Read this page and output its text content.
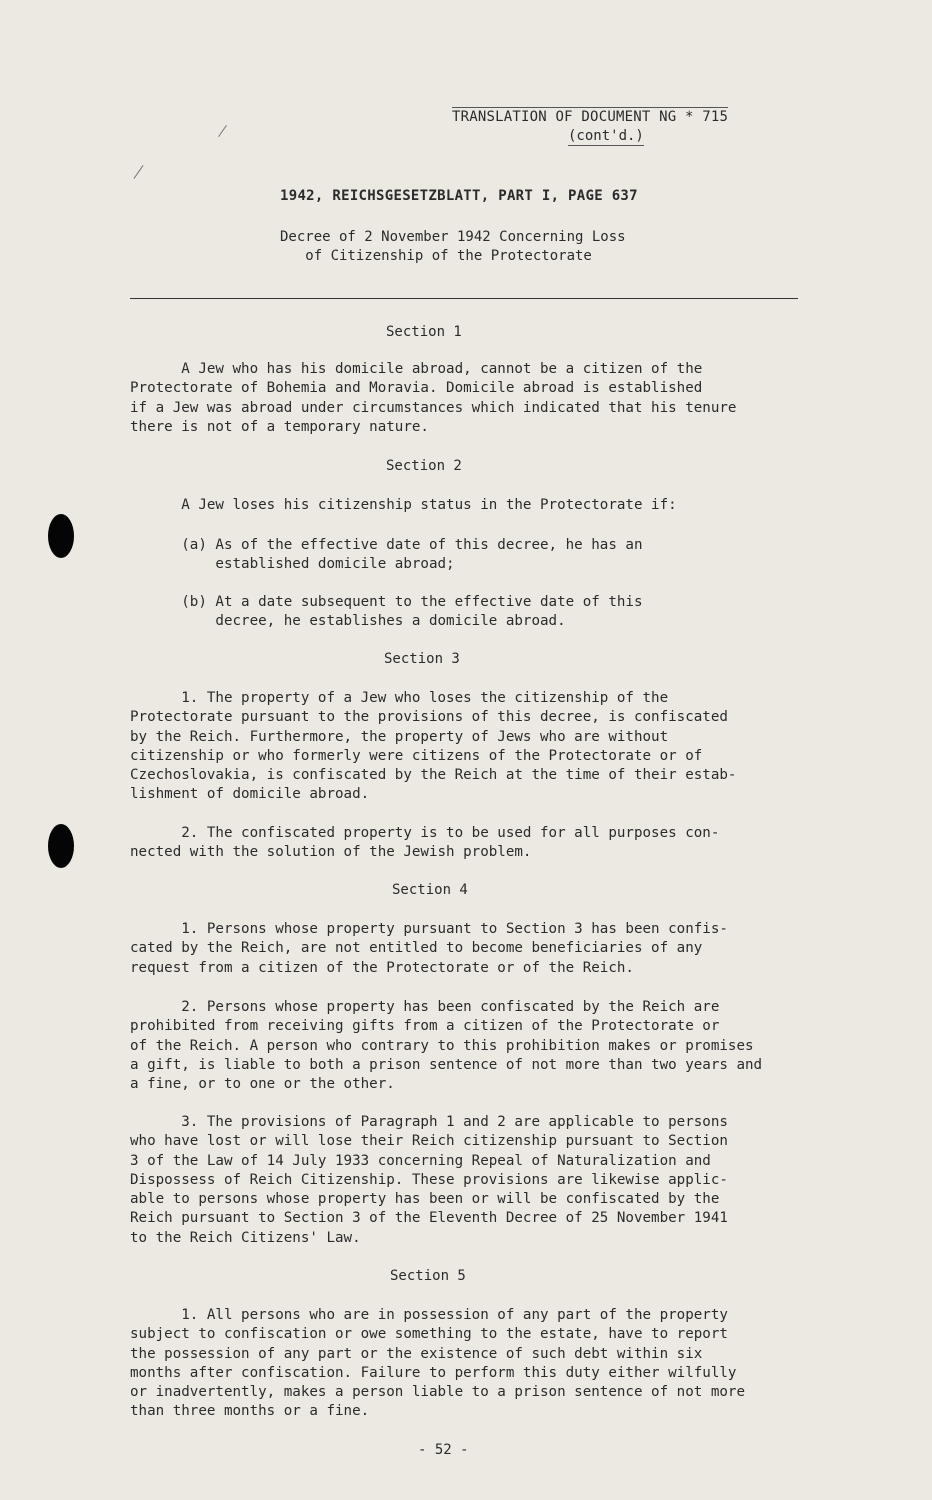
TRANSLATION OF DOCUMENT NG * 715
(cont'd.)
1942, REICHSGESETZBLATT, PART I, PAGE 637
Decree of 2 November 1942 Concerning Loss
of Citizenship of the Protectorate
Section 1
A Jew who has his domicile abroad, cannot be a citizen of the
Protectorate of Bohemia and Moravia. Domicile abroad is established
if a Jew was abroad under circumstances which indicated that his tenure
there is not of a temporary nature.
Section 2
A Jew loses his citizenship status in the Protectorate if:
(a) As of the effective date of this decree, he has an
established domicile abroad;
(b) At a date subsequent to the effective date of this
decree, he establishes a domicile abroad.
Section 3
1. The property of a Jew who loses the citizenship of the
Protectorate pursuant to the provisions of this decree, is confiscated
by the Reich. Furthermore, the property of Jews who are without
citizenship or who formerly were citizens of the Protectorate or of
Czechoslovakia, is confiscated by the Reich at the time of their estab-
lishment of domicile abroad.
2. The confiscated property is to be used for all purposes con-
nected with the solution of the Jewish problem.
Section 4
1. Persons whose property pursuant to Section 3 has been confis-
cated by the Reich, are not entitled to become beneficiaries of any
request from a citizen of the Protectorate or of the Reich.
2. Persons whose property has been confiscated by the Reich are
prohibited from receiving gifts from a citizen of the Protectorate or
of the Reich. A person who contrary to this prohibition makes or promises
a gift, is liable to both a prison sentence of not more than two years and
a fine, or to one or the other.
3. The provisions of Paragraph 1 and 2 are applicable to persons
who have lost or will lose their Reich citizenship pursuant to Section
3 of the Law of 14 July 1933 concerning Repeal of Naturalization and
Dispossess of Reich Citizenship. These provisions are likewise applic-
able to persons whose property has been or will be confiscated by the
Reich pursuant to Section 3 of the Eleventh Decree of 25 November 1941
to the Reich Citizens' Law.
Section 5
1. All persons who are in possession of any part of the property
subject to confiscation or owe something to the estate, have to report
the possession of any part or the existence of such debt within six
months after confiscation. Failure to perform this duty either wilfully
or inadvertently, makes a person liable to a prison sentence of not more
than three months or a fine.
- 52 -
